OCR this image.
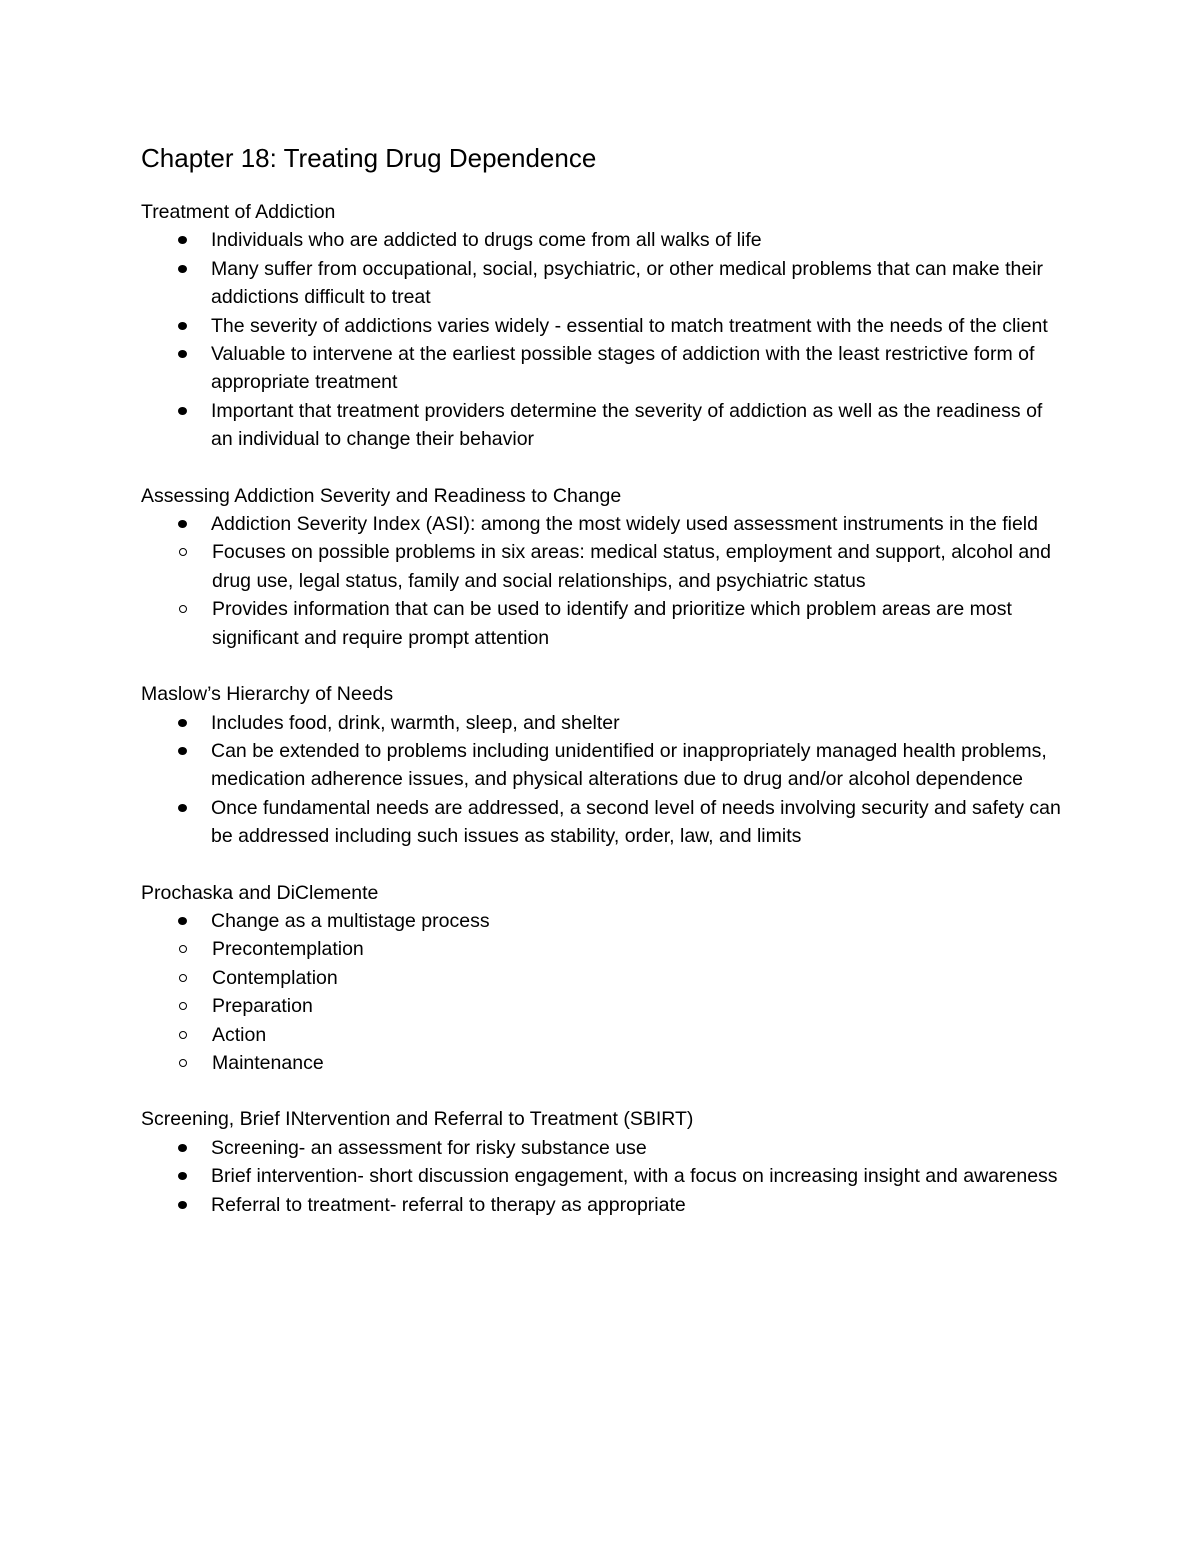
Chapter 18: Treating Drug Dependence
Treatment of Addiction
Individuals who are addicted to drugs come from all walks of life
Many suffer from occupational, social, psychiatric, or other medical problems that can make their addictions difficult to treat
The severity of addictions varies widely - essential to match treatment with the needs of the client
Valuable to intervene at the earliest possible stages of addiction with the least restrictive form of appropriate treatment
Important that treatment providers determine the severity of addiction as well as the readiness of an individual to change their behavior
Assessing Addiction Severity and Readiness to Change
Addiction Severity Index (ASI): among the most widely used assessment instruments in the field
Focuses on possible problems in six areas: medical status, employment and support, alcohol and drug use, legal status, family and social relationships, and psychiatric status
Provides information that can be used to identify and prioritize which problem areas are most significant and require prompt attention
Maslow’s Hierarchy of Needs
Includes food, drink, warmth, sleep, and shelter
Can be extended to problems including unidentified or inappropriately managed health problems, medication adherence issues, and physical alterations due to drug and/or alcohol dependence
Once fundamental needs are addressed, a second level of needs involving security and safety can be addressed including such issues as stability, order, law, and limits
Prochaska and DiClemente
Change as a multistage process
Precontemplation
Contemplation
Preparation
Action
Maintenance
Screening, Brief INtervention and Referral to Treatment (SBIRT)
Screening- an assessment for risky substance use
Brief intervention- short discussion engagement, with a focus on increasing insight and awareness
Referral to treatment- referral to therapy as appropriate
